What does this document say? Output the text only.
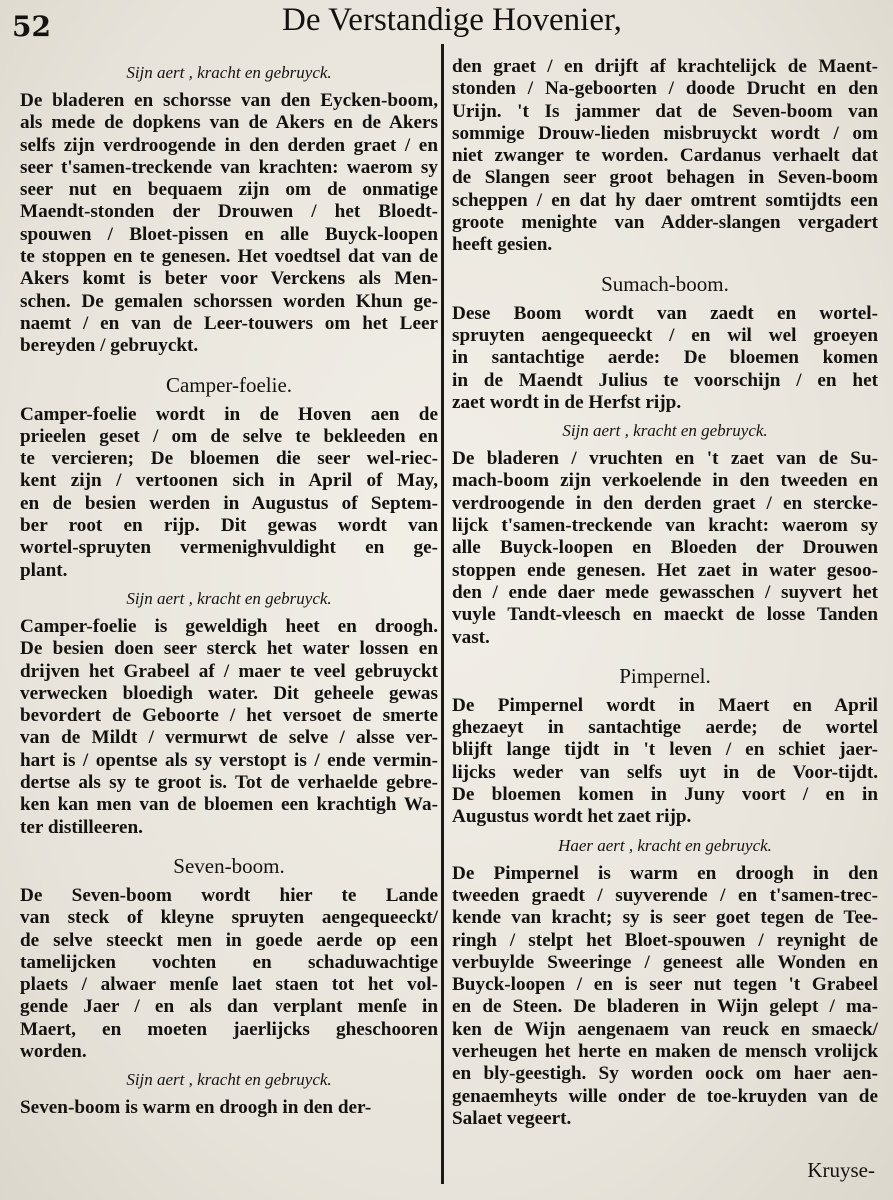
52	De Verstandige Hovenier,
Sijn aert , kracht en gebruyck.
De bladeren en schorsse van den Eycken-boom,
als mede de dopkens van de Akers en de Akers
selfs zijn verdroogende in den derden graet / en
seer t'samen-treckende van krachten: waerom sy
seer nut en bequaem zijn om de onmatige
Maendt-stonden der Drouwen / het Bloedt-
spouwen / Bloet-pissen en alle Buyck-loopen
te stoppen en te genesen. Het voedtsel dat van de
Akers komt is beter voor Verckens als Men-
schen. De gemalen schorssen worden Khun ge-
naemt / en van de Leer-touwers om het Leer
bereyden / gebruyckt.
Camper-foelie.
Camper-foelie wordt in de Hoven aen de
prieelen geset / om de selve te bekleeden en
te vercieren; De bloemen die seer wel-riec-
kent zijn / vertoonen sich in April of May,
en de besien werden in Augustus of Septem-
ber root en rijp. Dit gewas wordt van
wortel-spruyten vermenighvuldight en ge-
plant.
Sijn aert , kracht en gebruyck.
Camper-foelie is geweldigh heet en droogh.
De besien doen seer sterck het water lossen en
drijven het Grabeel af / maer te veel gebruyckt
verwecken bloedigh water. Dit geheele gewas
bevordert de Geboorte / het versoet de smerte
van de Mildt / vermurwt de selve / alsse ver-
hart is / opentse als sy verstopt is / ende vermin-
dertse als sy te groot is. Tot de verhaelde gebre-
ken kan men van de bloemen een krachtigh Wa-
ter distilleeren.
Seven-boom.
De Seven-boom wordt hier te Lande
van steck of kleyne spruyten aengequeeckt/
de selve steeckt men in goede aerde op een
tamelijcken vochten en schaduwachtige
plaets / alwaer menſe laet staen tot het vol-
gende Jaer / en als dan verplant menſe in
Maert, en moeten jaerlijcks gheschooren
worden.
Sijn aert , kracht en gebruyck.
Seven-boom is warm en droogh in den der-
den graet / en drijft af krachtelijck de Maent-
stonden / Na-geboorten / doode Drucht en den
Urijn. 't Is jammer dat de Seven-boom van
sommige Drouw-lieden misbruyckt wordt / om
niet zwanger te worden. Cardanus verhaelt dat
de Slangen seer groot behagen in Seven-boom
scheppen / en dat hy daer omtrent somtijdts een
groote menighte van Adder-slangen vergadert
heeft gesien.
Sumach-boom.
Dese Boom wordt van zaedt en wortel-
spruyten aengequeeckt / en wil wel groeyen
in santachtige aerde: De bloemen komen
in de Maendt Julius te voorschijn / en het
zaet wordt in de Herfst rijp.
Sijn aert , kracht en gebruyck.
De bladeren / vruchten en 't zaet van de Su-
mach-boom zijn verkoelende in den tweeden en
verdroogende in den derden graet / en stercke-
lijck t'samen-treckende van kracht: waerom sy
alle Buyck-loopen en Bloeden der Drouwen
stoppen ende genesen. Het zaet in water gesoo-
den / ende daer mede gewasschen / suyvert het
vuyle Tandt-vleesch en maeckt de losse Tanden
vast.
Pimpernel.
De Pimpernel wordt in Maert en April
ghezaeyt in santachtige aerde; de wortel
blijft lange tijdt in 't leven / en schiet jaer-
lijcks weder van selfs uyt in de Voor-tijdt.
De bloemen komen in Juny voort / en in
Augustus wordt het zaet rijp.
Haer aert , kracht en gebruyck.
De Pimpernel is warm en droogh in den
tweeden graedt / suyverende / en t'samen-trec-
kende van kracht; sy is seer goet tegen de Tee-
ringh / stelpt het Bloet-spouwen / reynight de
verbuylde Sweeringe / geneest alle Wonden en
Buyck-loopen / en is seer nut tegen 't Grabeel
en de Steen. De bladeren in Wijn gelept / ma-
ken de Wijn aengenaem van reuck en smaeck/
verheugen het herte en maken de mensch vrolijck
en bly-geestigh. Sy worden oock om haer aen-
genaemheyts wille onder de toe-kruyden van de
Salaet vegeert.
Kruyse-
